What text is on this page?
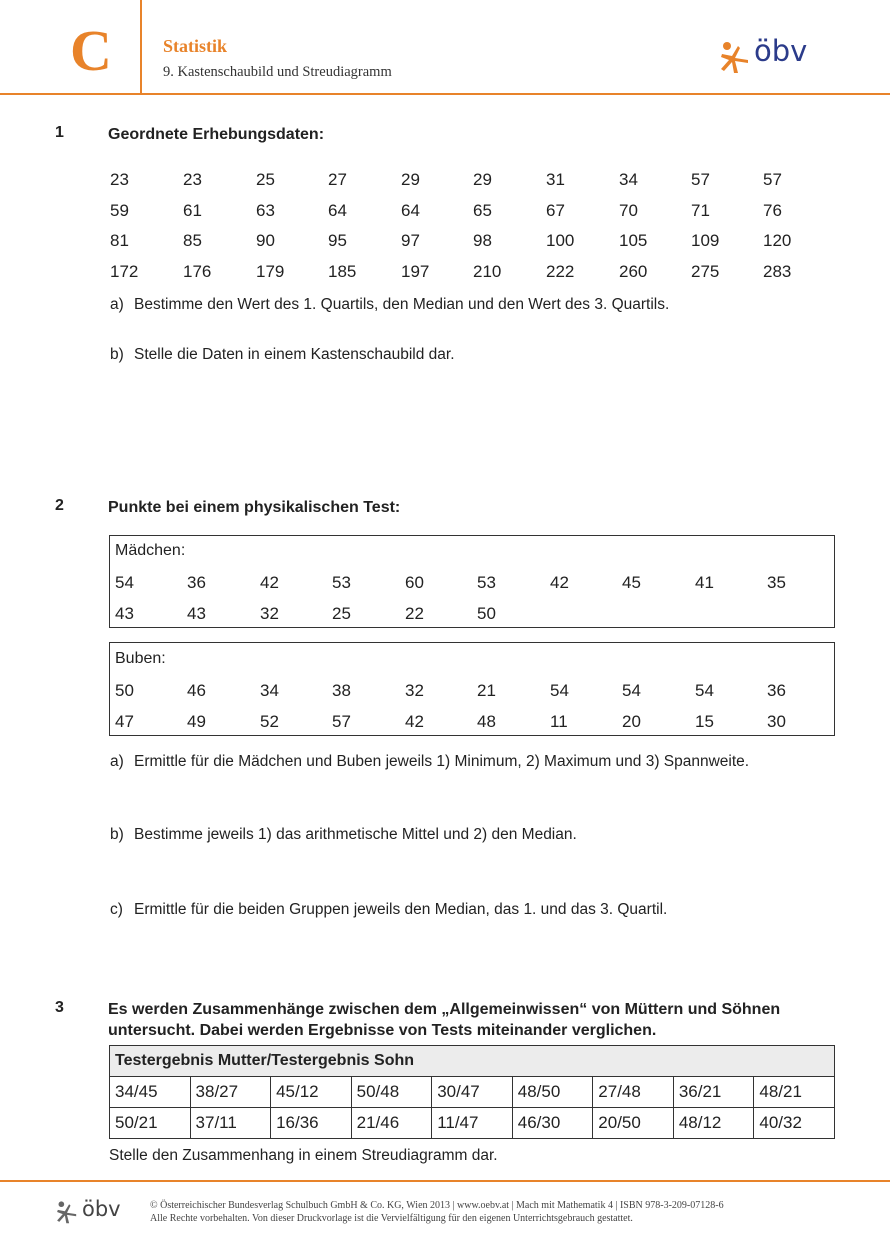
C	Statistik
9. Kastenschaubild und Streudiagramm
öbv
1	Geordnete Erhebungsdaten:
23	23	25	27	29	29	31	34	57	57
59	61	63	64	64	65	67	70	71	76
81	85	90	95	97	98	100	105	109	120
172	176	179	185	197	210	222	260	275	283
a) Bestimme den Wert des 1. Quartils, den Median und den Wert des 3. Quartils.
b) Stelle die Daten in einem Kastenschaubild dar.
2	Punkte bei einem physikalischen Test:
Mädchen:
54	36	42	53	60	53	42	45	41	35
43	43	32	25	22	50
Buben:
50	46	34	38	32	21	54	54	54	36
47	49	52	57	42	48	11	20	15	30
a) Ermittle für die Mädchen und Buben jeweils 1) Minimum, 2) Maximum und 3) Spannweite.
b) Bestimme jeweils 1) das arithmetische Mittel und 2) den Median.
c) Ermittle für die beiden Gruppen jeweils den Median, das 1. und das 3. Quartil.
3	Es werden Zusammenhänge zwischen dem „Allgemeinwissen“ von Müttern und Söhnen
untersucht. Dabei werden Ergebnisse von Tests miteinander verglichen.
Testergebnis Mutter/Testergebnis Sohn								
34/45	38/27	45/12	50/48	30/47	48/50	27/48	36/21	48/21
50/21	37/11	16/36	21/46	11/47	46/30	20/50	48/12	40/32
Stelle den Zusammenhang in einem Streudiagramm dar.
öbv	© Österreichischer Bundesverlag Schulbuch GmbH & Co. KG, Wien 2013 | www.oebv.at | Mach mit Mathematik 4 | ISBN 978-3-209-07128-6
Alle Rechte vorbehalten. Von dieser Druckvorlage ist die Vervielfältigung für den eigenen Unterrichtsgebrauch gestattet.
